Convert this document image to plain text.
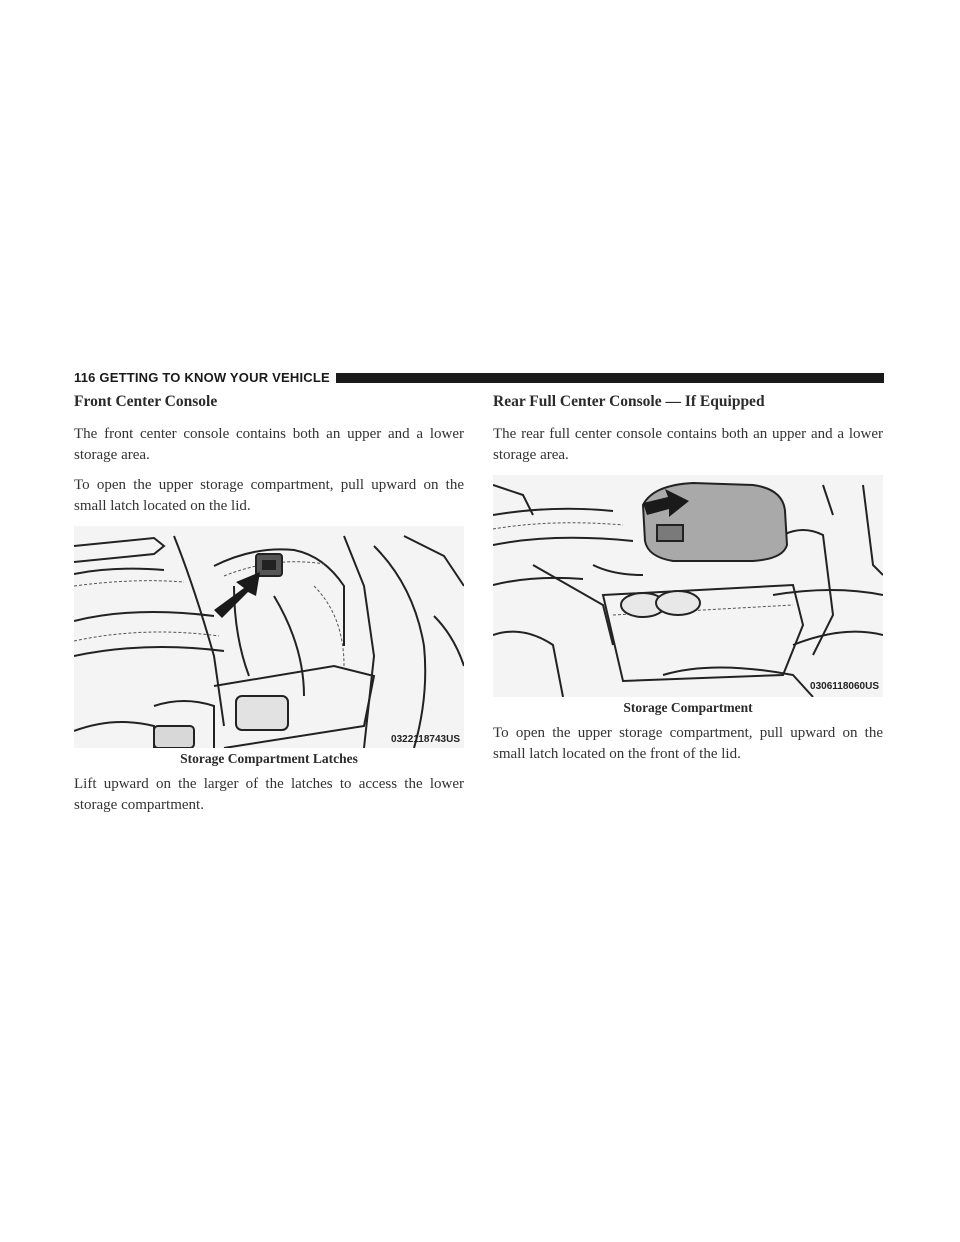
116 GETTING TO KNOW YOUR VEHICLE
Front Center Console

The front center console contains both an upper and a lower storage area.

To open the upper storage compartment, pull upward on the small latch located on the lid.

0322118743US
Storage Compartment Latches

Lift upward on the larger of the latches to access the lower storage compartment.

Rear Full Center Console — If Equipped

The rear full center console contains both an upper and a lower storage area.

0306118060US
Storage Compartment

To open the upper storage compartment, pull upward on the small latch located on the front of the lid.
